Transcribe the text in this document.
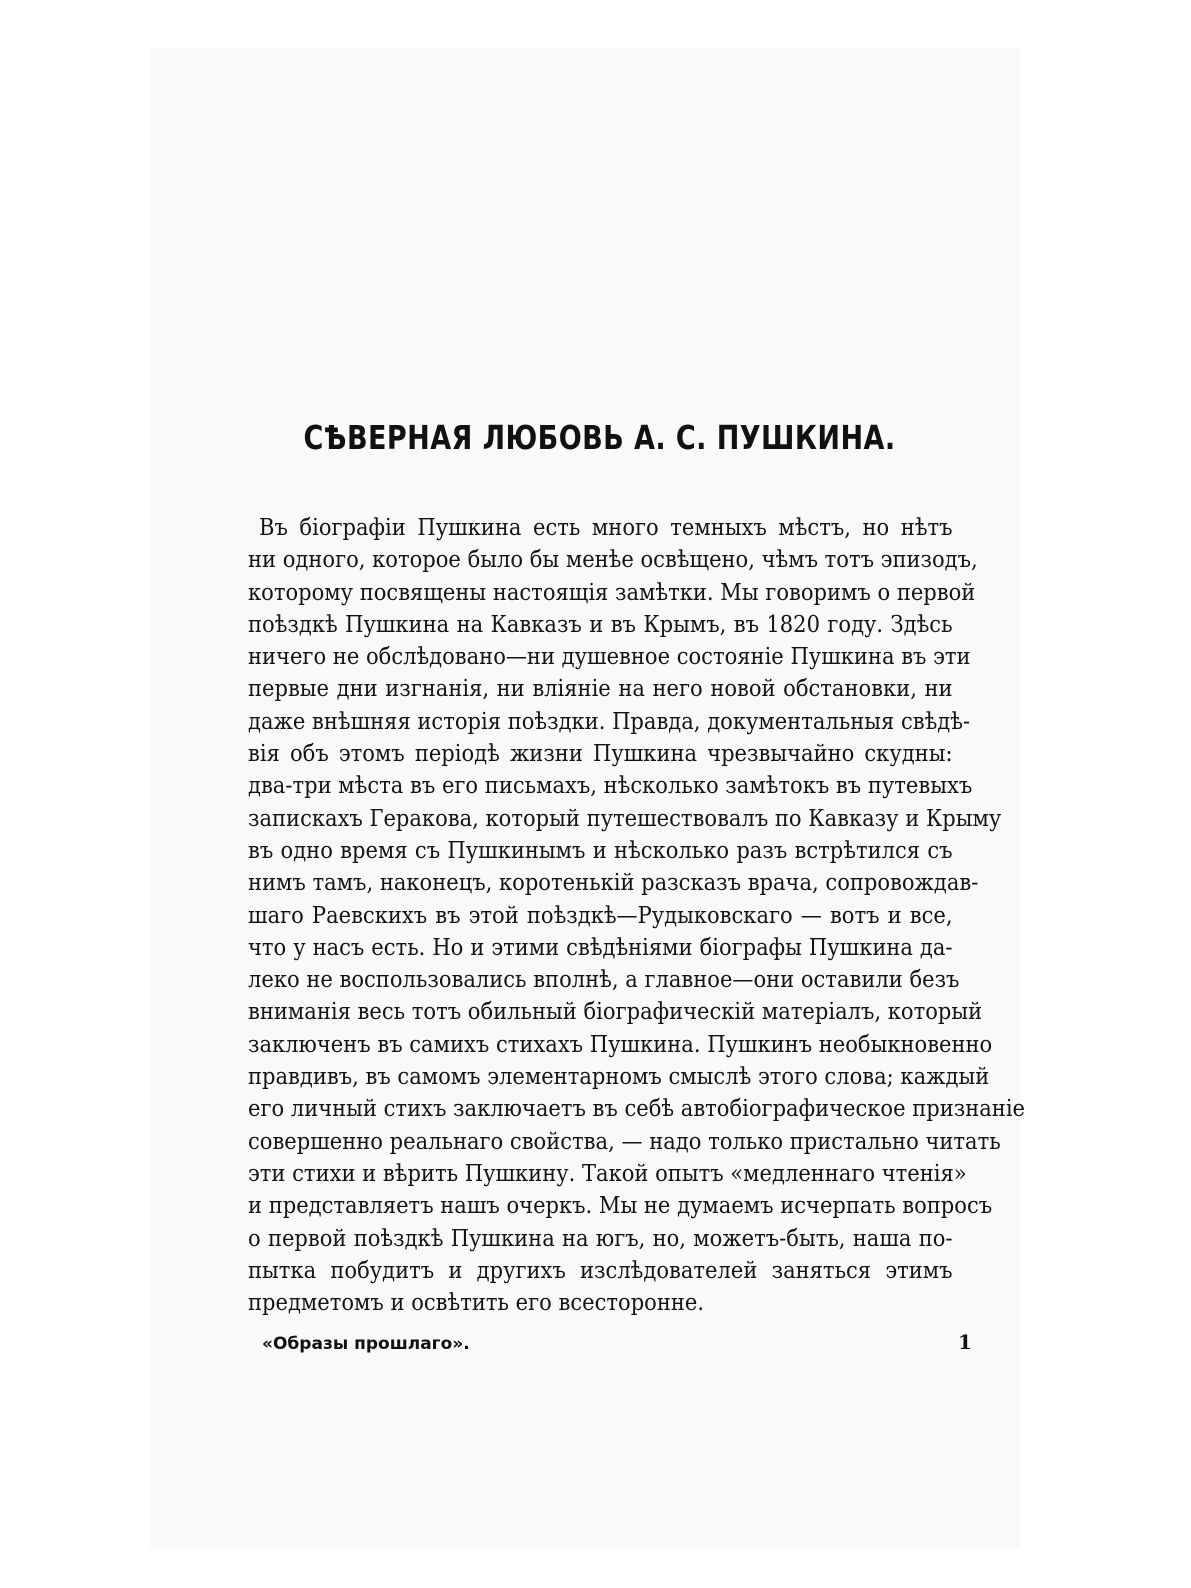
СѢВЕРНАЯ ЛЮБОВЬ А. С. ПУШКИНА.
Въ біографіи Пушкина есть много темныхъ мѣстъ, но нѣтъ
ни одного, которое было бы менѣе освѣщено, чѣмъ тотъ эпизодъ,
которому посвящены настоящія замѣтки. Мы говоримъ о первой
поѣздкѣ Пушкина на Кавказъ и въ Крымъ, въ 1820 году. Здѣсь
ничего не обслѣдовано—ни душевное состояніе Пушкина въ эти
первые дни изгнанія, ни вліяніе на него новой обстановки, ни
даже внѣшняя исторія поѣздки. Правда, документальныя свѣдѣ-
вія объ этомъ періодѣ жизни Пушкина чрезвычайно скудны:
два-три мѣста въ его письмахъ, нѣсколько замѣтокъ въ путевыхъ
запискахъ Геракова, который путешествовалъ по Кавказу и Крыму
въ одно время съ Пушкинымъ и нѣсколько разъ встрѣтился съ
нимъ тамъ, наконецъ, коротенькій разсказъ врача, сопровождав-
шаго Раевскихъ въ этой поѣздкѣ—Рудыковскаго — вотъ и все,
что у насъ есть. Но и этими свѣдѣніями біографы Пушкина да-
леко не воспользовались вполнѣ, а главное—они оставили безъ
вниманія весь тотъ обильный біографическій матеріалъ, который
заключенъ въ самихъ стихахъ Пушкина. Пушкинъ необыкновенно
правдивъ, въ самомъ элементарномъ смыслѣ этого слова; каждый
его личный стихъ заключаетъ въ себѣ автобіографическое признаніе
совершенно реальнаго свойства, — надо только пристально читать
эти стихи и вѣрить Пушкину. Такой опытъ «медленнаго чтенія»
и представляетъ нашъ очеркъ. Мы не думаемъ исчерпать вопросъ
о первой поѣздкѣ Пушкина на югъ, но, можетъ-быть, наша по-
пытка побудитъ и другихъ изслѣдователей заняться этимъ
предметомъ и освѣтить его всесторонне.
«Образы прошлаго».	1
